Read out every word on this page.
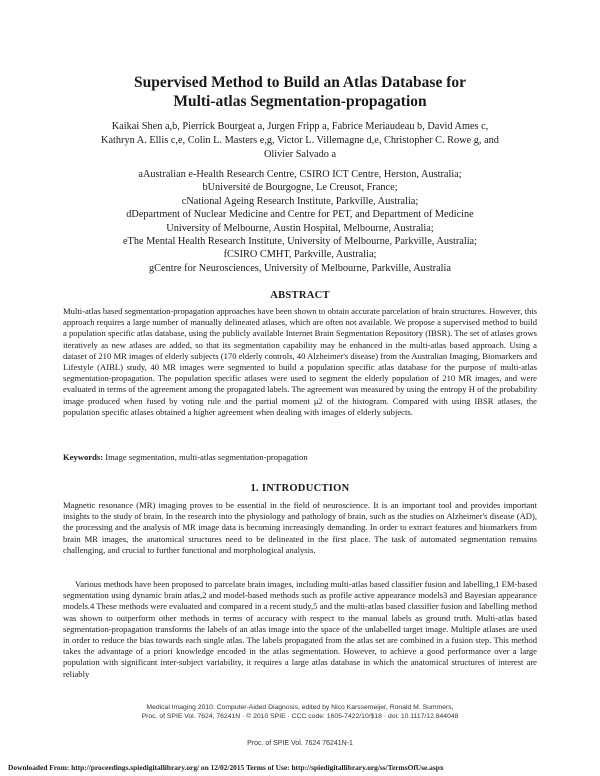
Supervised Method to Build an Atlas Database for
Multi-atlas Segmentation-propagation
Kaikai Shen a,b, Pierrick Bourgeat a, Jurgen Fripp a, Fabrice Meriaudeau b, David Ames c,
Kathryn A. Ellis c,e, Colin L. Masters e,g, Victor L. Villemagne d,e, Christopher C. Rowe g, and
Olivier Salvado a
aAustralian e-Health Research Centre, CSIRO ICT Centre, Herston, Australia;
bUniversité de Bourgogne, Le Creusot, France;
cNational Ageing Research Institute, Parkville, Australia;
dDepartment of Nuclear Medicine and Centre for PET, and Department of Medicine
University of Melbourne, Austin Hospital, Melbourne, Australia;
eThe Mental Health Research Institute, University of Melbourne, Parkville, Australia;
fCSIRO CMHT, Parkville, Australia;
gCentre for Neurosciences, University of Melbourne, Parkville, Australia
ABSTRACT

Multi-atlas based segmentation-propagation approaches have been shown to obtain accurate parcelation of brain structures. However, this approach requires a large number of manually delineated atlases, which are often not available. We propose a supervised method to build a population specific atlas database, using the publicly available Internet Brain Segmentation Repository (IBSR). The set of atlases grows iteratively as new atlases are added, so that its segmentation capability may be enhanced in the multi-atlas based approach. Using a dataset of 210 MR images of elderly subjects (170 elderly controls, 40 Alzheimer's disease) from the Australian Imaging, Biomarkers and Lifestyle (AIBL) study, 40 MR images were segmented to build a population specific atlas database for the purpose of multi-atlas segmentation-propagation. The population specific atlases were used to segment the elderly population of 210 MR images, and were evaluated in terms of the agreement among the propagated labels. The agreement was measured by using the entropy H of the probability image produced when fused by voting rule and the partial moment μ2 of the histogram. Compared with using IBSR atlases, the population specific atlases obtained a higher agreement when dealing with images of elderly subjects.

Keywords: Image segmentation, multi-atlas segmentation-propagation
1. INTRODUCTION

Magnetic resonance (MR) imaging proves to be essential in the field of neuroscience. It is an important tool and provides important insights to the study of brain. In the research into the physiology and pathology of brain, such as the studies on Alzheimer's disease (AD), the processing and the analysis of MR image data is becoming increasingly demanding. In order to extract features and biomarkers from brain MR images, the anatomical structures need to be delineated in the first place. The task of automated segmentation remains challenging, and crucial to further functional and morphological analysis.

Various methods have been proposed to parcelate brain images, including multi-atlas based classifier fusion and labelling,1 EM-based segmentation using dynamic brain atlas,2 and model-based methods such as profile active appearance models3 and Bayesian appearance models.4 These methods were evaluated and compared in a recent study,5 and the multi-atlas based classifier fusion and labelling method was shown to outperform other methods in terms of accuracy with respect to the manual labels as ground truth. Multi-atlas based segmentation-propagation transforms the labels of an atlas image into the space of the unlabelled target image. Multiple atlases are used in order to reduce the bias towards each single atlas. The labels propagated from the atlas set are combined in a fusion step. This method takes the advantage of a priori knowledge encoded in the atlas segmentation. However, to achieve a good performance over a large population with significant inter-subject variability, it requires a large atlas database in which the anatomical structures of interest are reliably

Medical Imaging 2010: Computer-Aided Diagnosis, edited by Nico Karssemeijer, Ronald M. Summers,
Proc. of SPIE Vol. 7624, 76241N · © 2010 SPIE · CCC code: 1605-7422/10/$18 · doi: 10.1117/12.844048
Proc. of SPIE Vol. 7624 76241N-1
Downloaded From: http://proceedings.spiedigitallibrary.org/ on 12/02/2015 Terms of Use: http://spiedigitallibrary.org/ss/TermsOfUse.aspx
